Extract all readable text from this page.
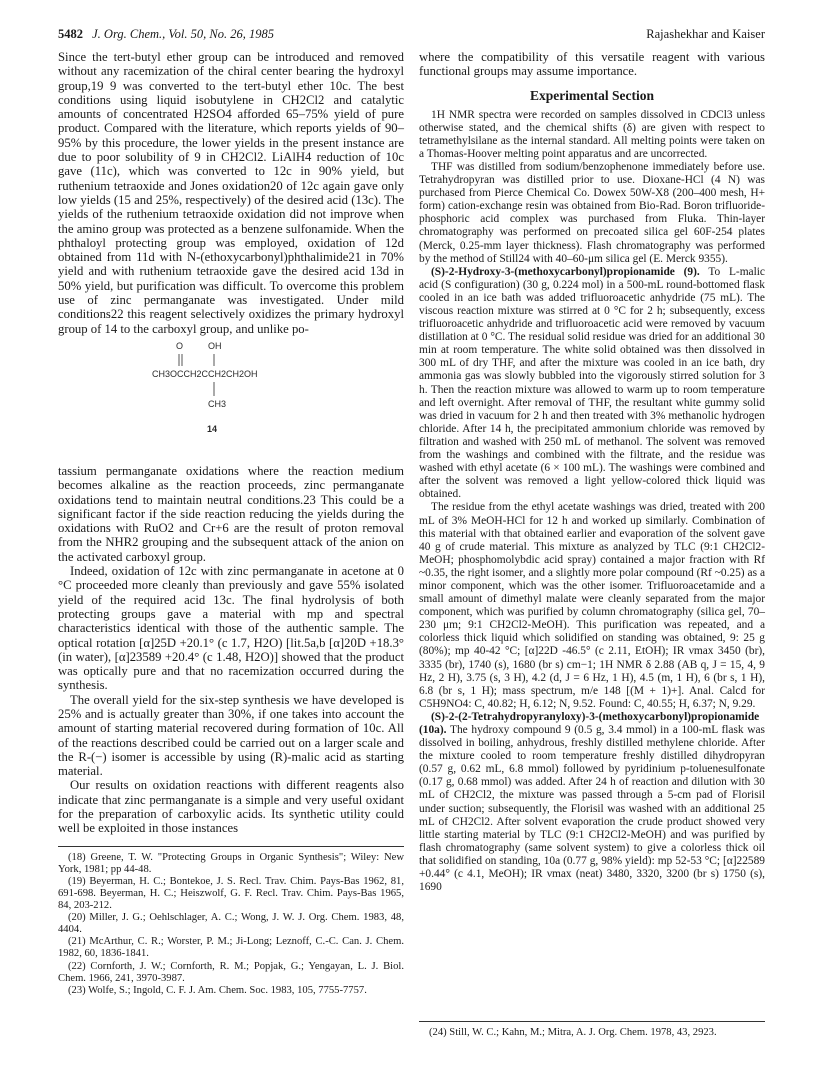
5482 J. Org. Chem., Vol. 50, No. 26, 1985	Rajashekhar and Kaiser

Since the tert-butyl ether group can be introduced and removed without any racemization of the chiral center bearing the hydroxyl group,19 9 was converted to the tert-butyl ether 10c. The best conditions using liquid isobutylene in CH2Cl2 and catalytic amounts of concentrated H2SO4 afforded 65–75% yield of pure product. Compared with the literature, which reports yields of 90–95% by this procedure, the lower yields in the present instance are due to poor solubility of 9 in CH2Cl2. LiAlH4 reduction of 10c gave (11c), which was converted to 12c in 90% yield, but ruthenium tetraoxide and Jones oxidation20 of 12c again gave only low yields (15 and 25%, respectively) of the desired acid (13c). The yields of the ruthenium tetraoxide oxidation did not improve when the amino group was protected as a benzene sulfonamide. When the phthaloyl protecting group was employed, oxidation of 12d obtained from 11d with N-(ethoxycarbonyl)phthalimide21 in 70% yield and with ruthenium tetraoxide gave the desired acid 13d in 50% yield, but purification was difficult. To overcome this problem use of zinc permanganate was investigated. Under mild conditions22 this reagent selectively oxidizes the primary hydroxyl group of 14 to the carboxyl group, and unlike po-

O	OH
CH3OCCH2CCH2CH2OH
CH3
14

tassium permanganate oxidations where the reaction medium becomes alkaline as the reaction proceeds, zinc permanganate oxidations tend to maintain neutral conditions.23 This could be a significant factor if the side reaction reducing the yields during the oxidations with RuO2 and Cr+6 are the result of proton removal from the NHR2 grouping and the subsequent attack of the anion on the activated carboxyl group.

Indeed, oxidation of 12c with zinc permanganate in acetone at 0 °C proceeded more cleanly than previously and gave 55% isolated yield of the required acid 13c. The final hydrolysis of both protecting groups gave a material with mp and spectral characteristics identical with those of the authentic sample. The optical rotation [α]25D +20.1° (c 1.7, H2O) [lit.5a,b [α]20D +18.3° (in water), [α]23589 +20.4° (c 1.48, H2O)] showed that the product was optically pure and that no racemization occurred during the synthesis.

The overall yield for the six-step synthesis we have developed is 25% and is actually greater than 30%, if one takes into account the amount of starting material recovered during formation of 10c. All of the reactions described could be carried out on a larger scale and the R-(−) isomer is accessible by using (R)-malic acid as starting material.

Our results on oxidation reactions with different reagents also indicate that zinc permanganate is a simple and very useful oxidant for the preparation of carboxylic acids. Its synthetic utility could well be exploited in those instances

(18) Greene, T. W. "Protecting Groups in Organic Synthesis"; Wiley: New York, 1981; pp 44-48.

(19) Beyerman, H. C.; Bontekoe, J. S. Recl. Trav. Chim. Pays-Bas 1962, 81, 691-698. Beyerman, H. C.; Heiszwolf, G. F. Recl. Trav. Chim. Pays-Bas 1965, 84, 203-212.

(20) Miller, J. G.; Oehlschlager, A. C.; Wong, J. W. J. Org. Chem. 1983, 48, 4404.

(21) McArthur, C. R.; Worster, P. M.; Ji-Long; Leznoff, C.-C. Can. J. Chem. 1982, 60, 1836-1841.

(22) Cornforth, J. W.; Cornforth, R. M.; Popjak, G.; Yengayan, L. J. Biol. Chem. 1966, 241, 3970-3987.

(23) Wolfe, S.; Ingold, C. F. J. Am. Chem. Soc. 1983, 105, 7755-7757.

where the compatibility of this versatile reagent with various functional groups may assume importance.

Experimental Section

1H NMR spectra were recorded on samples dissolved in CDCl3 unless otherwise stated, and the chemical shifts (δ) are given with respect to tetramethylsilane as the internal standard. All melting points were taken on a Thomas-Hoover melting point apparatus and are uncorrected.

THF was distilled from sodium/benzophenone immediately before use. Tetrahydropyran was distilled prior to use. Dioxane-HCl (4 N) was purchased from Pierce Chemical Co. Dowex 50W-X8 (200–400 mesh, H+ form) cation-exchange resin was obtained from Bio-Rad. Boron trifluoride-phosphoric acid complex was purchased from Fluka. Thin-layer chromatography was performed on precoated silica gel 60F-254 plates (Merck, 0.25-mm layer thickness). Flash chromatography was performed by the method of Still24 with 40–60-μm silica gel (E. Merck 9355).

(S)-2-Hydroxy-3-(methoxycarbonyl)propionamide (9). To L-malic acid (S configuration) (30 g, 0.224 mol) in a 500-mL round-bottomed flask cooled in an ice bath was added trifluoroacetic anhydride (75 mL). The viscous reaction mixture was stirred at 0 °C for 2 h; subsequently, excess trifluoroacetic anhydride and trifluoroacetic acid were removed by vacuum distillation at 0 °C. The residual solid residue was dried for an additional 30 min at room temperature. The white solid obtained was then dissolved in 300 mL of dry THF, and after the mixture was cooled in an ice bath, dry ammonia gas was slowly bubbled into the vigorously stirred solution for 3 h. Then the reaction mixture was allowed to warm up to room temperature and left overnight. After removal of THF, the resultant white gummy solid was dried in vacuum for 2 h and then treated with 3% methanolic hydrogen chloride. After 14 h, the precipitated ammonium chloride was removed by filtration and washed with 250 mL of methanol. The solvent was removed from the washings and combined with the filtrate, and the residue was washed with ethyl acetate (6 × 100 mL). The washings were combined and after the solvent was removed a light yellow-colored thick liquid was obtained.

The residue from the ethyl acetate washings was dried, treated with 200 mL of 3% MeOH-HCl for 12 h and worked up similarly. Combination of this material with that obtained earlier and evaporation of the solvent gave 40 g of crude material. This mixture as analyzed by TLC (9:1 CH2Cl2-MeOH; phosphomolybdic acid spray) contained a major fraction with Rf ~0.35, the right isomer, and a slightly more polar compound (Rf ~0.25) as a minor component, which was the other isomer. Trifluoroacetamide and a small amount of dimethyl malate were cleanly separated from the major component, which was purified by column chromatography (silica gel, 70–230 μm; 9:1 CH2Cl2-MeOH). This purification was repeated, and a colorless thick liquid which solidified on standing was obtained, 9: 25 g (80%); mp 40-42 °C; [α]22D -46.5° (c 2.11, EtOH); IR νmax 3450 (br), 3335 (br), 1740 (s), 1680 (br s) cm−1; 1H NMR δ 2.88 (AB q, J = 15, 4, 9 Hz, 2 H), 3.75 (s, 3 H), 4.2 (d, J = 6 Hz, 1 H), 4.5 (m, 1 H), 6 (br s, 1 H), 6.8 (br s, 1 H); mass spectrum, m/e 148 [(M + 1)+]. Anal. Calcd for C5H9NO4: C, 40.82; H, 6.12; N, 9.52. Found: C, 40.55; H, 6.37; N, 9.29.

(S)-2-(2-Tetrahydropyranyloxy)-3-(methoxycarbonyl)propionamide (10a). The hydroxy compound 9 (0.5 g, 3.4 mmol) in a 100-mL flask was dissolved in boiling, anhydrous, freshly distilled methylene chloride. After the mixture cooled to room temperature freshly distilled dihydropyran (0.57 g, 0.62 mL, 6.8 mmol) followed by pyridinium p-toluenesulfonate (0.17 g, 0.68 mmol) was added. After 24 h of reaction and dilution with 30 mL of CH2Cl2, the mixture was passed through a 5-cm pad of Florisil under suction; subsequently, the Florisil was washed with an additional 25 mL of CH2Cl2. After solvent evaporation the crude product showed very little starting material by TLC (9:1 CH2Cl2-MeOH) and was purified by flash chromatography (same solvent system) to give a colorless thick oil that solidified on standing, 10a (0.77 g, 98% yield): mp 52-53 °C; [α]22589 +0.44° (c 4.1, MeOH); IR νmax (neat) 3480, 3320, 3200 (br s) 1750 (s), 1690

(24) Still, W. C.; Kahn, M.; Mitra, A. J. Org. Chem. 1978, 43, 2923.
